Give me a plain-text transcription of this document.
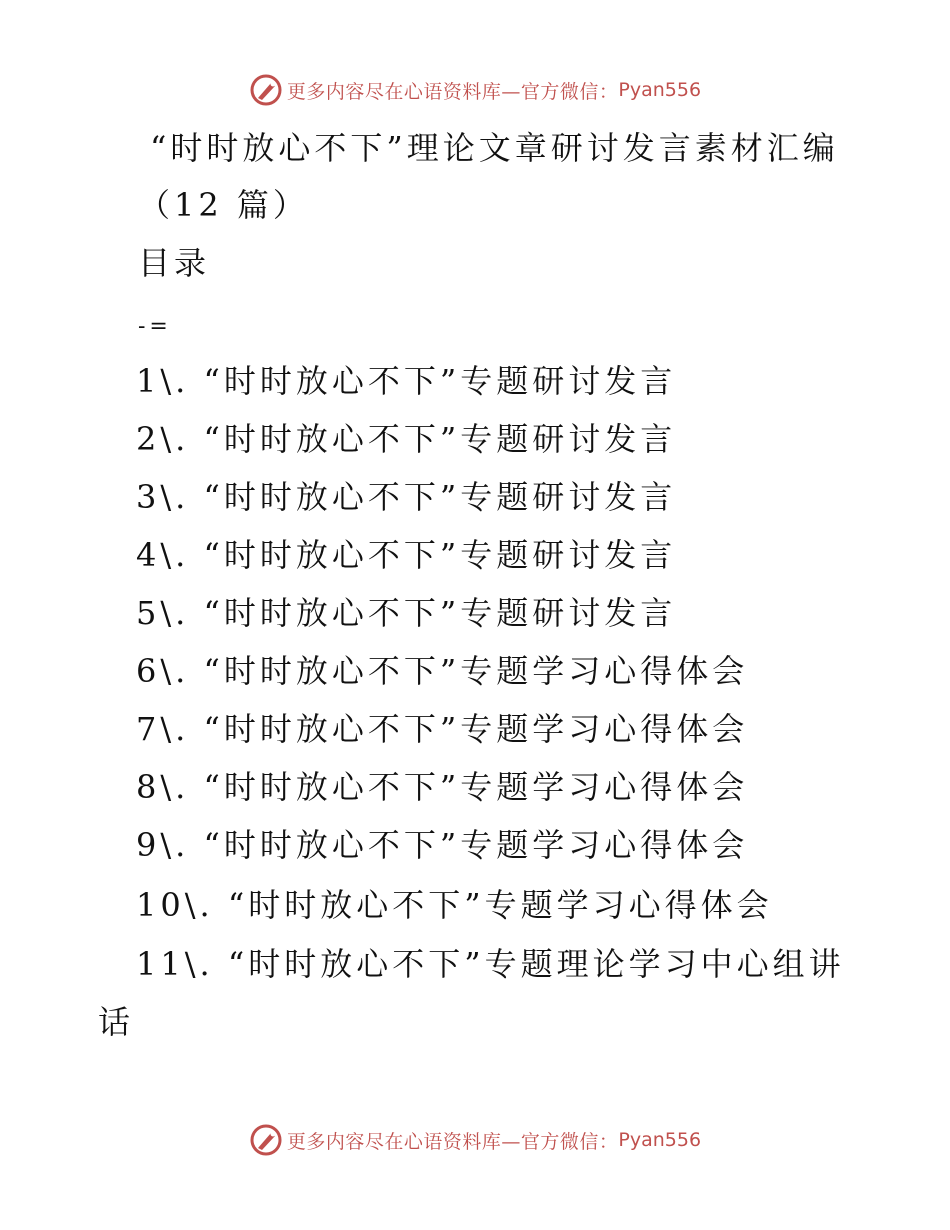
更多内容尽在心语资料库—官方微信： Pyan556
“时时放心不下”理论文章研讨发言素材汇编
（12 篇）
目录
-=
1\. “时时放心不下”专题研讨发言
2\. “时时放心不下”专题研讨发言
3\. “时时放心不下”专题研讨发言
4\. “时时放心不下”专题研讨发言
5\. “时时放心不下”专题研讨发言
6\. “时时放心不下”专题学习心得体会
7\. “时时放心不下”专题学习心得体会
8\. “时时放心不下”专题学习心得体会
9\. “时时放心不下”专题学习心得体会
10\. “时时放心不下”专题学习心得体会
11\. “时时放心不下”专题理论学习中心组讲
话
更多内容尽在心语资料库—官方微信： Pyan556
